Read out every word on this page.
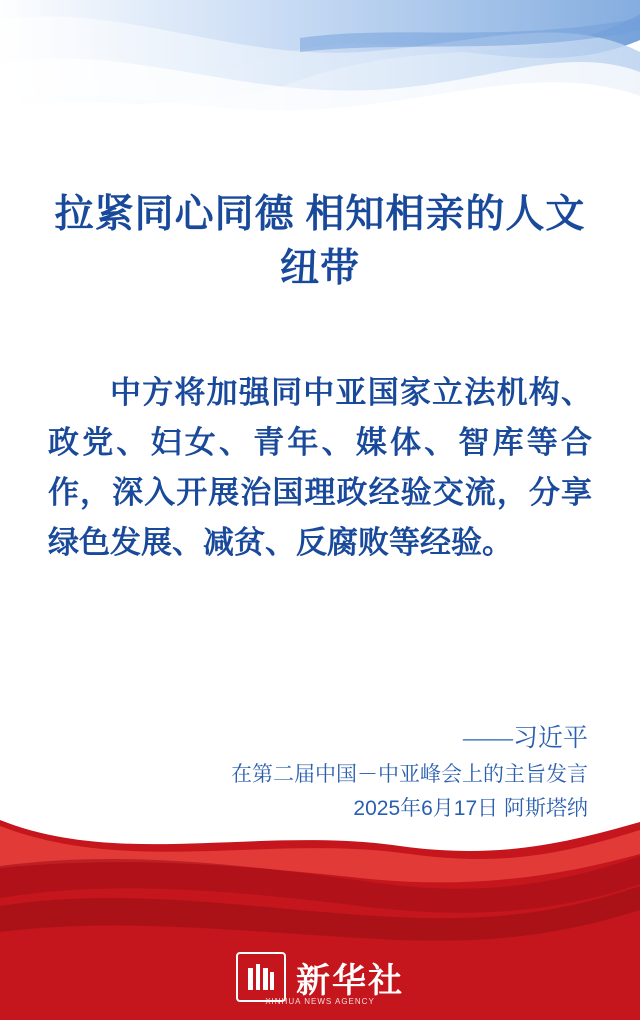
拉紧同心同德 相知相亲的人文纽带

中方将加强同中亚国家立法机构、政党、妇女、青年、媒体、智库等合作，深入开展治国理政经验交流，分享绿色发展、减贫、反腐败等经验。

——习近平
在第二届中国－中亚峰会上的主旨发言
2025年6月17日 阿斯塔纳
新华社
XINHUA NEWS AGENCY
